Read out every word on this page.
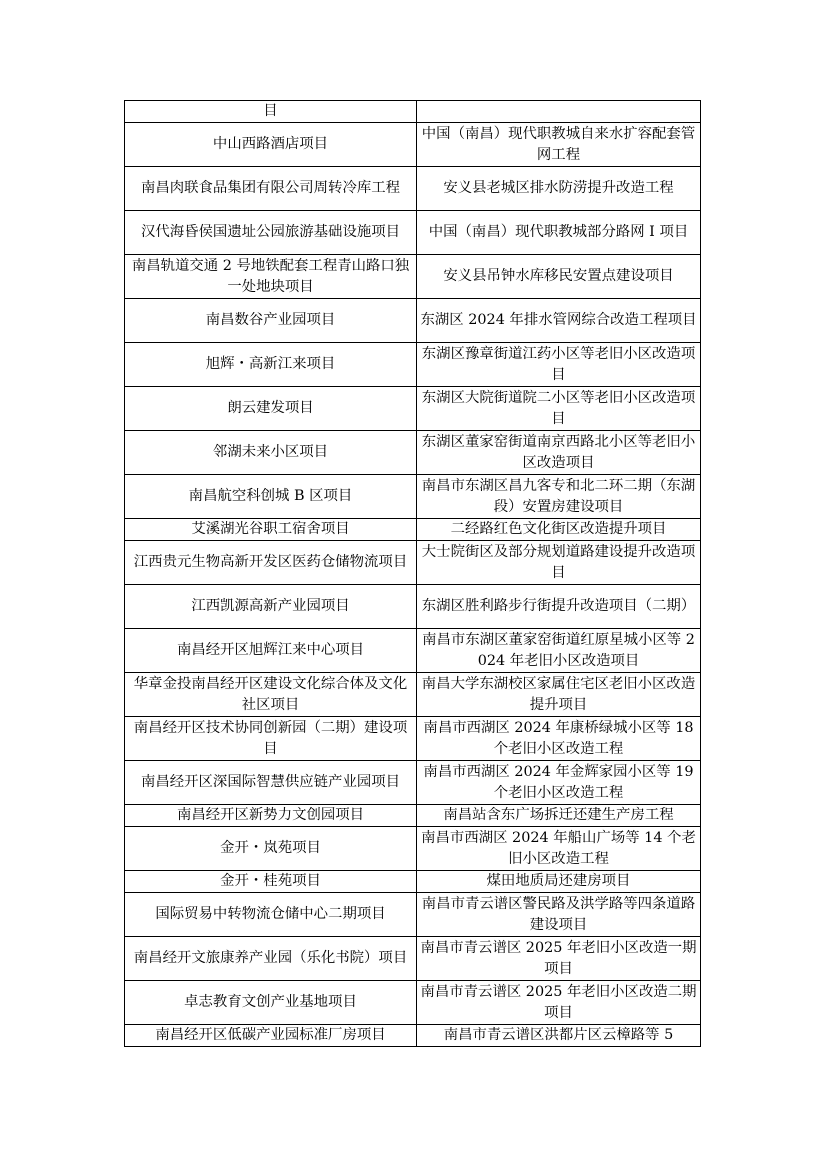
目	
中山西路酒店项目	中国（南昌）现代职教城自来水扩容配套管网工程
南昌肉联食品集团有限公司周转冷库工程	安义县老城区排水防涝提升改造工程
汉代海昏侯国遗址公园旅游基础设施项目	中国（南昌）现代职教城部分路网 I 项目
南昌轨道交通 2 号地铁配套工程青山路口独一处地块项目	安义县吊钟水库移民安置点建设项目
南昌数谷产业园项目	东湖区 2024 年排水管网综合改造工程项目
旭辉・高新江来项目	东湖区豫章街道江药小区等老旧小区改造项目
朗云建发项目	东湖区大院街道院二小区等老旧小区改造项目
邻湖未来小区项目	东湖区董家窑街道南京西路北小区等老旧小区改造项目
南昌航空科创城 B 区项目	南昌市东湖区昌九客专和北二环二期（东湖段）安置房建设项目
艾溪湖光谷职工宿舍项目	二经路红色文化街区改造提升项目
江西贵元生物高新开发区医药仓储物流项目	大士院街区及部分规划道路建设提升改造项目
江西凯源高新产业园项目	东湖区胜利路步行街提升改造项目（二期）
南昌经开区旭辉江来中心项目	南昌市东湖区董家窑街道红原星城小区等 2024 年老旧小区改造项目
华章金投南昌经开区建设文化综合体及文化社区项目	南昌大学东湖校区家属住宅区老旧小区改造提升项目
南昌经开区技术协同创新园（二期）建设项目	南昌市西湖区 2024 年康桥绿城小区等 18 个老旧小区改造工程
南昌经开区深国际智慧供应链产业园项目	南昌市西湖区 2024 年金辉家园小区等 19 个老旧小区改造工程
南昌经开区新势力文创园项目	南昌站含东广场拆迁还建生产房工程
金开・岚苑项目	南昌市西湖区 2024 年船山广场等 14 个老旧小区改造工程
金开・桂苑项目	煤田地质局还建房项目
国际贸易中转物流仓储中心二期项目	南昌市青云谱区警民路及洪学路等四条道路建设项目
南昌经开文旅康养产业园（乐化书院）项目	南昌市青云谱区 2025 年老旧小区改造一期项目
卓志教育文创产业基地项目	南昌市青云谱区 2025 年老旧小区改造二期项目
南昌经开区低碳产业园标准厂房项目	南昌市青云谱区洪都片区云樟路等 5
